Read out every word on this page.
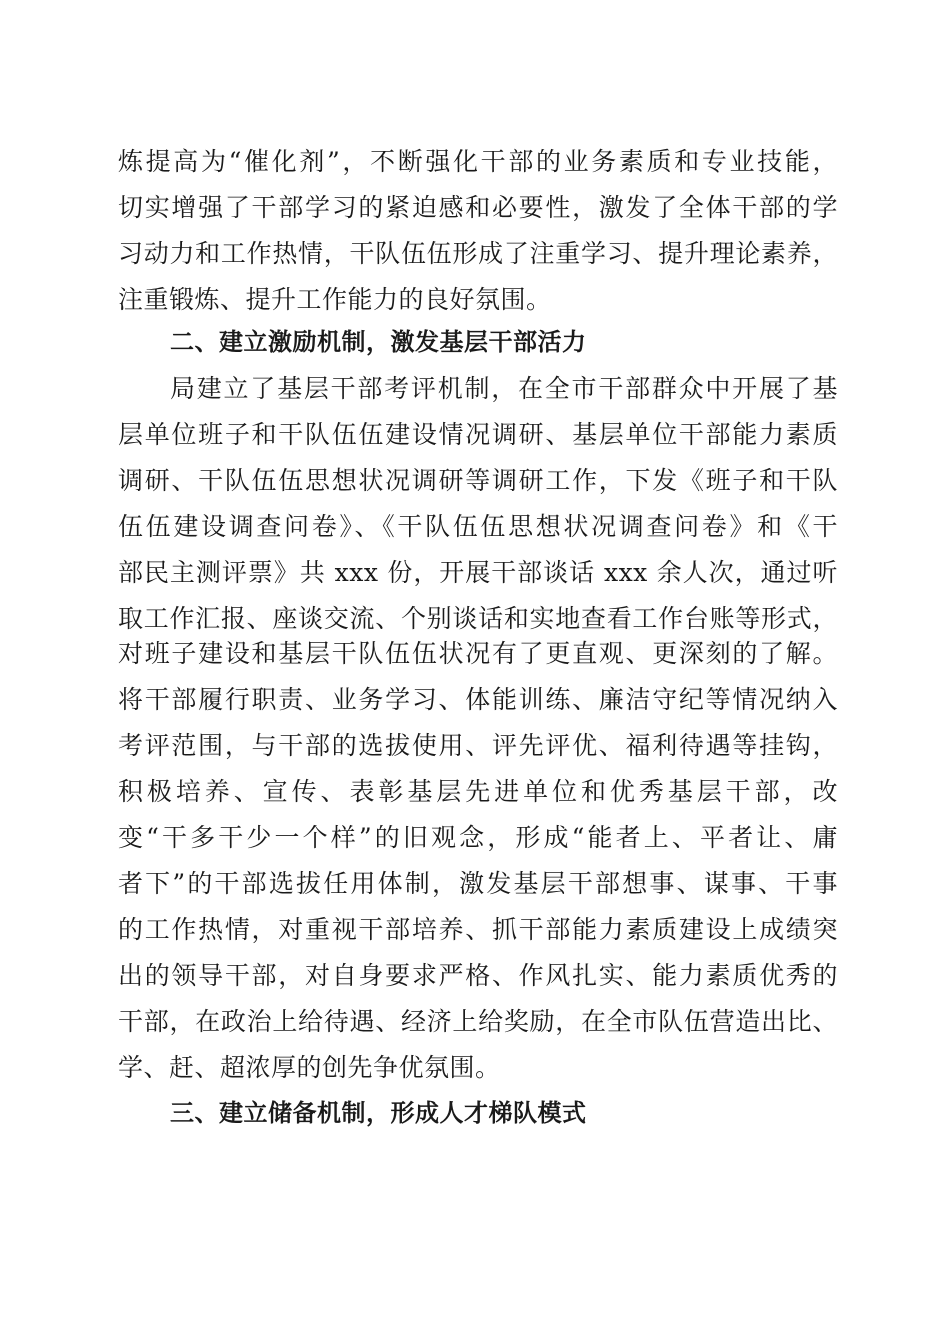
炼提高为“催化剂”，不断强化干部的业务素质和专业技能，
切实增强了干部学习的紧迫感和必要性，激发了全体干部的学
习动力和工作热情，干队伍伍形成了注重学习、提升理论素养，
注重锻炼、提升工作能力的良好氛围。
二、建立激励机制，激发基层干部活力
局建立了基层干部考评机制，在全市干部群众中开展了基
层单位班子和干队伍伍建设情况调研、基层单位干部能力素质
调研、干队伍伍思想状况调研等调研工作，下发《班子和干队
伍伍建设调查问卷》、《干队伍伍思想状况调查问卷》和《干
部民主测评票》共 xxx 份，开展干部谈话 xxx 余人次，通过听
取工作汇报、座谈交流、个别谈话和实地查看工作台账等形式，
对班子建设和基层干队伍伍状况有了更直观、更深刻的了解。
将干部履行职责、业务学习、体能训练、廉洁守纪等情况纳入
考评范围，与干部的选拔使用、评先评优、福利待遇等挂钩，
积极培养、宣传、表彰基层先进单位和优秀基层干部，改
变“干多干少一个样”的旧观念，形成“能者上、平者让、庸
者下”的干部选拔任用体制，激发基层干部想事、谋事、干事
的工作热情，对重视干部培养、抓干部能力素质建设上成绩突
出的领导干部，对自身要求严格、作风扎实、能力素质优秀的
干部，在政治上给待遇、经济上给奖励，在全市队伍营造出比、
学、赶、超浓厚的创先争优氛围。
三、建立储备机制，形成人才梯队模式
